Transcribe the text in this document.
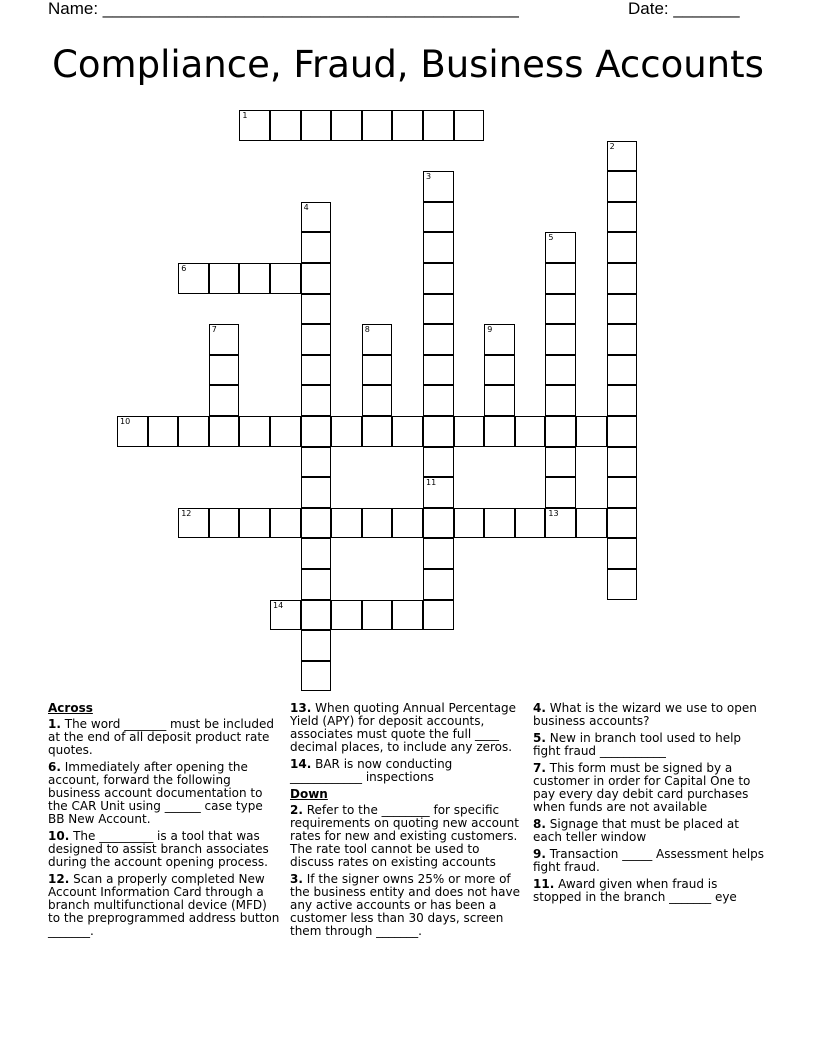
Name: ____________________________________________	Date: _______
Compliance, Fraud, Business Accounts
1
2
3
11
4
5
6
7	8	9
10
12	13
14
Across
1. The word _______ must be included at the end of all deposit product rate quotes.
6. Immediately after opening the account, forward the following business account documentation to the CAR Unit using ______ case type BB New Account.
10. The _________ is a tool that was designed to assist branch associates during the account opening process.
12. Scan a properly completed New Account Information Card through a branch multifunctional device (MFD) to the preprogrammed address button _______.
13. When quoting Annual Percentage Yield (APY) for deposit accounts, associates must quote the full ____ decimal places, to include any zeros.
14. BAR is now conducting ____________ inspections
Down
2. Refer to the ________ for specific requirements on quoting new account rates for new and existing customers. The rate tool cannot be used to discuss rates on existing accounts
3. If the signer owns 25% or more of the business entity and does not have any active accounts or has been a customer less than 30 days, screen them through _______.
4. What is the wizard we use to open business accounts?
5. New in branch tool used to help fight fraud ___________
7. This form must be signed by a customer in order for Capital One to pay every day debit card purchases when funds are not available
8. Signage that must be placed at each teller window
9. Transaction _____ Assessment helps fight fraud.
11. Award given when fraud is stopped in the branch _______ eye
